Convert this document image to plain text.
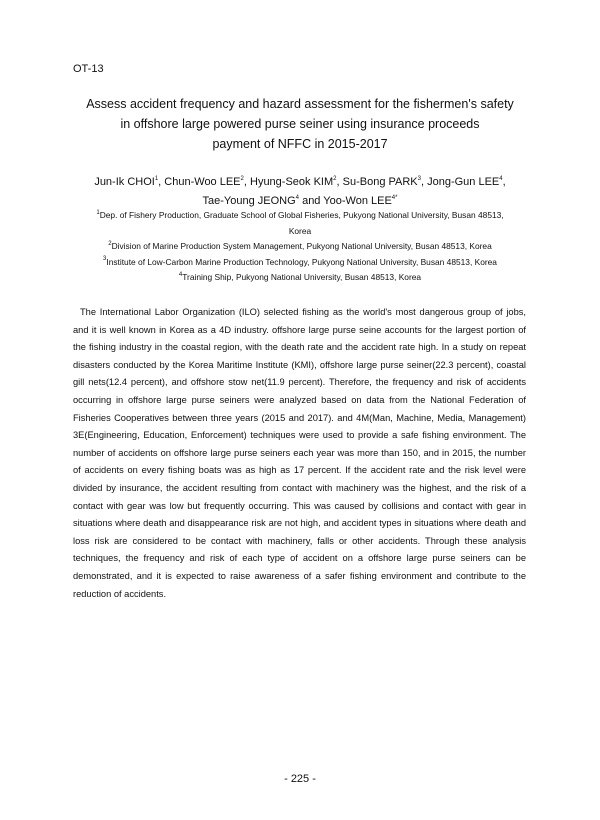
OT-13
Assess accident frequency and hazard assessment for the fishermen's safety
in offshore large powered purse seiner using insurance proceeds
payment of NFFC in 2015-2017
Jun-Ik CHOI$^1$, Chun-Woo LEE$^2$, Hyung-Seok KIM$^2$, Su-Bong PARK$^3$, Jong-Gun LEE$^4$,
Tae-Young JEONG$^4$ and Yoo-Won $LEE^{4*}$
$^1$Dep. of Fishery Production, Graduate School of Global Fisheries, Pukyong National University, Busan 48513,
Korea
$^2$Division of Marine Production System Management, Pukyong National University, Busan 48513, Korea
$^3$Institute of Low-Carbon Marine Production Technology, Pukyong National University, Busan 48513, Korea
$^4$Training Ship, Pukyong National University, Busan 48513, Korea

The International Labor Organization (ILO) selected fishing as the world's most dangerous group of jobs, and it is well known in Korea as a 4D industry. offshore large purse seine accounts for the largest portion of the fishing industry in the coastal region, with the death rate and the accident rate high. In a study on repeat disasters conducted by the Korea Maritime Institute (KMI), offshore large purse seiner(22.3 percent), coastal gill nets(12.4 percent), and offshore stow net(11.9 percent). Therefore, the frequency and risk of accidents occurring in offshore large purse seiners were analyzed based on data from the National Federation of Fisheries Cooperatives between three years (2015 and 2017). and 4M(Man, Machine, Media, Management) 3E(Engineering, Education, Enforcement) techniques were used to provide a safe fishing environment. The number of accidents on offshore large purse seiners each year was more than 150, and in 2015, the number of accidents on every fishing boats was as high as 17 percent. If the accident rate and the risk level were divided by insurance, the accident resulting from contact with machinery was the highest, and the risk of a contact with gear was low but frequently occurring. This was caused by collisions and contact with gear in situations where death and disappearance risk are not high, and accident types in situations where death and loss risk are considered to be contact with machinery, falls or other accidents. Through these analysis techniques, the frequency and risk of each type of accident on a offshore large purse seiners can be demonstrated, and it is expected to raise awareness of a safer fishing environment and contribute to the reduction of accidents.

- 225 -
